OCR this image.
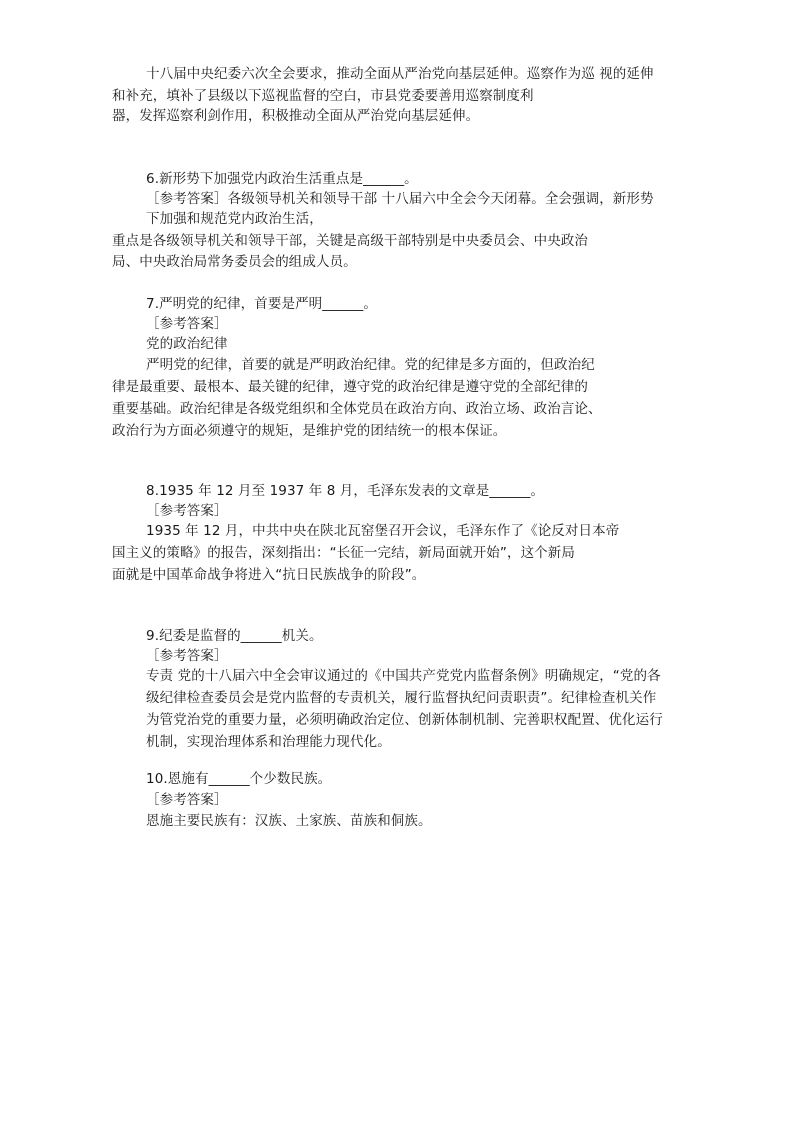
十八届中央纪委六次全会要求，推动全面从严治党向基层延伸。巡察作为巡 视的延伸
和补充，填补了县级以下巡视监督的空白，市县党委要善用巡察制度利
器，发挥巡察利剑作用，积极推动全面从严治党向基层延伸。
6.新形势下加强党内政治生活重点是______。
［参考答案］各级领导机关和领导干部 十八届六中全会今天闭幕。全会强调，新形势
下加强和规范党内政治生活，
重点是各级领导机关和领导干部，关键是高级干部特别是中央委员会、中央政治
局、中央政治局常务委员会的组成人员。
7.严明党的纪律，首要是严明______。
［参考答案］
党的政治纪律
严明党的纪律，首要的就是严明政治纪律。党的纪律是多方面的，但政治纪
律是最重要、最根本、最关键的纪律，遵守党的政治纪律是遵守党的全部纪律的
重要基础。政治纪律是各级党组织和全体党员在政治方向、政治立场、政治言论、
政治行为方面必须遵守的规矩，是维护党的团结统一的根本保证。
8.1935 年 12 月至 1937 年 8 月，毛泽东发表的文章是______。
［参考答案］
1935 年 12 月，中共中央在陕北瓦窑堡召开会议，毛泽东作了《论反对日本帝
国主义的策略》的报告，深刻指出：“长征一完结，新局面就开始”，这个新局
面就是中国革命战争将进入“抗日民族战争的阶段”。
9.纪委是监督的______机关。
［参考答案］
专责 党的十八届六中全会审议通过的《中国共产党党内监督条例》明确规定，“党的各
级纪律检查委员会是党内监督的专责机关，履行监督执纪问责职责”。纪律检查机关作
为管党治党的重要力量，必须明确政治定位、创新体制机制、完善职权配置、优化运行
机制，实现治理体系和治理能力现代化。
10.恩施有______个少数民族。
［参考答案］
恩施主要民族有：汉族、土家族、苗族和侗族。
